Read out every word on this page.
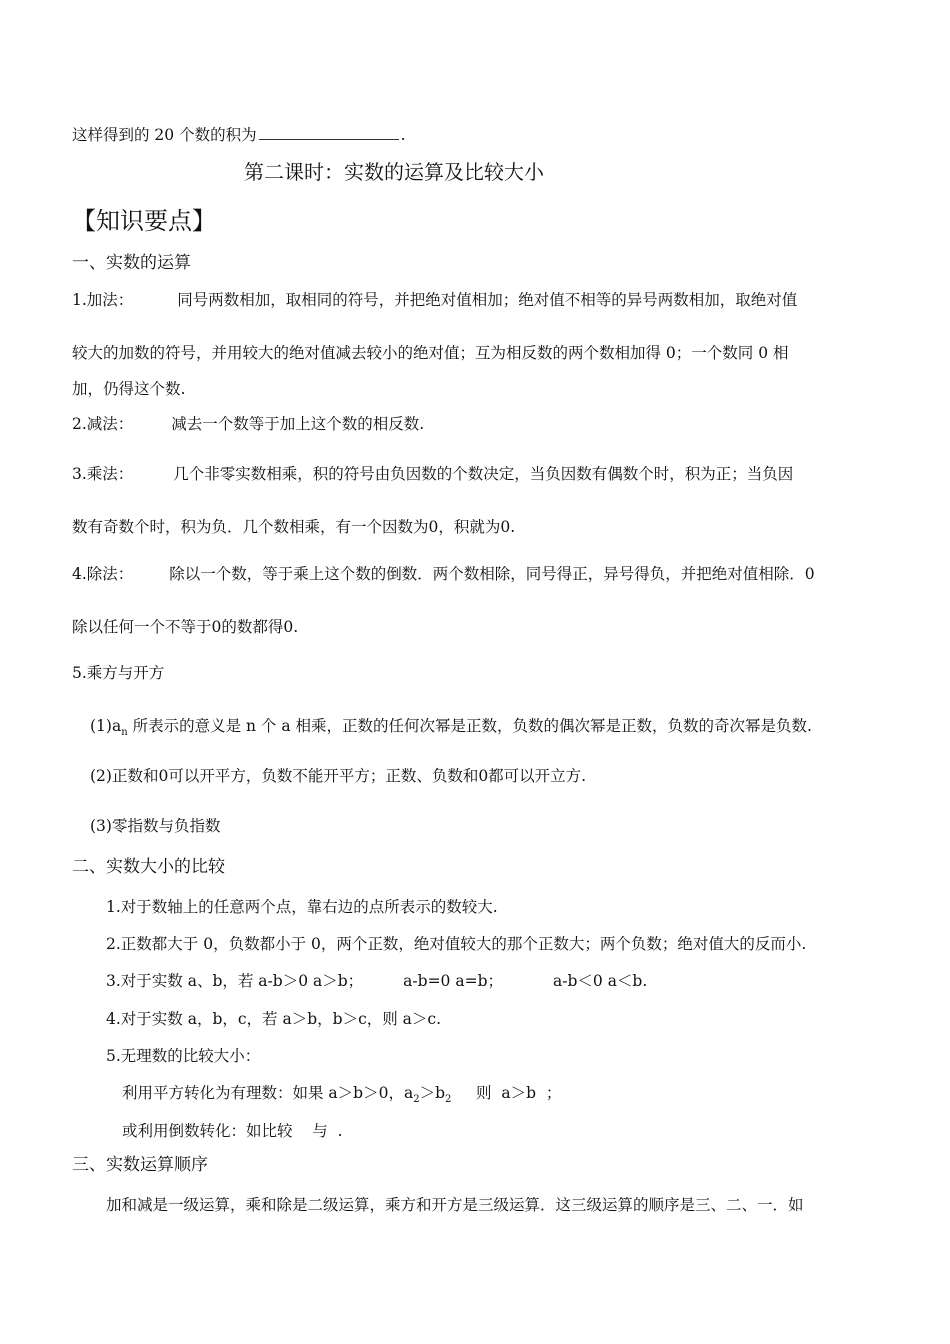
这样得到的 20 个数的积为	.
第二课时：实数的运算及比较大小
【知识要点】
一、实数的运算
1.加法：	同号两数相加，取相同的符号，并把绝对值相加；绝对值不相等的异号两数相加，取绝对值
较大的加数的符号，并用较大的绝对值减去较小的绝对值；互为相反数的两个数相加得 0；一个数同 0 相
加，仍得这个数.
2.减法： 减去一个数等于加上这个数的相反数.
3.乘法：	几个非零实数相乘，积的符号由负因数的个数决定，当负因数有偶数个时，积为正；当负因
数有奇数个时，积为负．几个数相乘，有一个因数为0，积就为0.
4.除法： 除以一个数，等于乘上这个数的倒数．两个数相除，同号得正，异号得负，并把绝对值相除．0
除以任何一个不等于0的数都得0.
5.乘方与开方
$(1)a_n$ 所表示的意义是 n 个 a 相乘，正数的任何次幂是正数，负数的偶次幂是正数，负数的奇次幂是负数.
(2)正数和0可以开平方，负数不能开平方；正数、负数和0都可以开立方.
(3)零指数与负指数
二、实数大小的比较
1.对于数轴上的任意两个点，靠右边的点所表示的数较大.
2.正数都大于 0，负数都小于 0，两个正数，绝对值较大的那个正数大；两个负数；绝对值大的反而小.
3.对于实数 a、b，若 a-b＞0 a＞b；	a-b=0 a=b；	a-b＜0 a＜b.
4.对于实数 a，b，c，若 a＞b，b＞c，则 a＞c.
5.无理数的比较大小：
利用平方转化为有理数：如果 a＞b＞0，$a_2>b_2$     则  a＞b  ；
或利用倒数转化：如比较    与  .
三、实数运算顺序
加和减是一级运算，乘和除是二级运算，乘方和开方是三级运算．这三级运算的顺序是三、二、一．如
